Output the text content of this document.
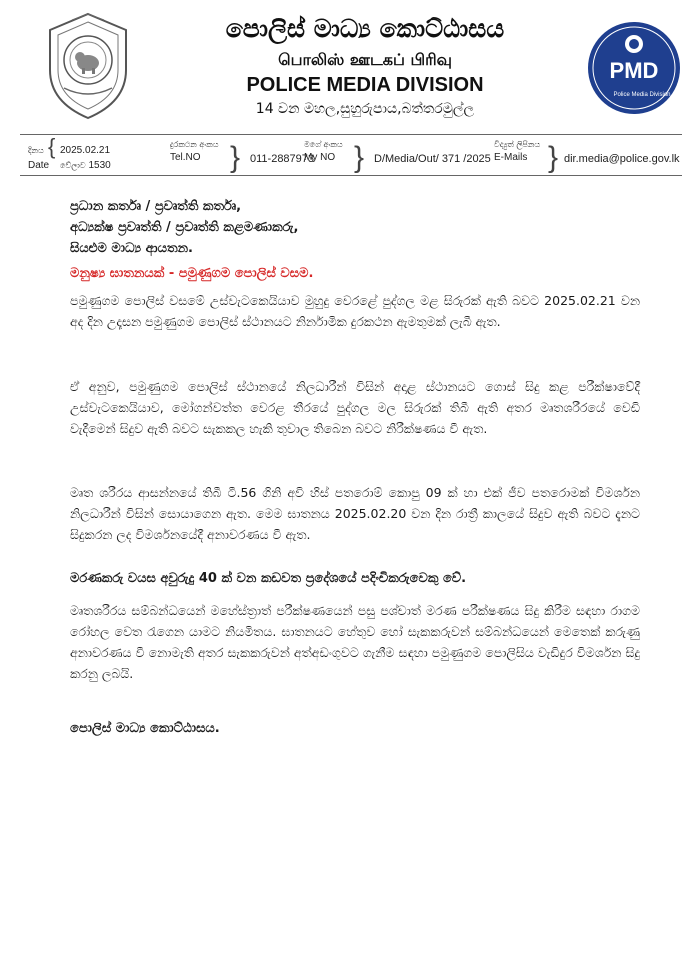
පොලිස් මාධ්‍ය කොට්ඨාසය
பொலிஸ் ஊடகப் பிரிவு
POLICE MEDIA DIVISION
14 වන මහල,සුහුරුපාය,බත්තරමුල්ල
PMD
Police Media Division
දිනය { 2025.02.21
Date වේලාව 1530
දුරකථන අංකය
Tel.NO } 011-2887973
මගේ අංකය
My NO } D/Media/Out/ 371 /2025
විද්‍යුත් ලිපිනය
E-Mails } dir.media@police.gov.lk
ප්‍රධාන කර්තෘ / ප්‍රවෘත්ති කර්තෘ,
අධ්‍යක්ෂ ප්‍රවෘත්ති / ප්‍රවෘත්ති කළමණාකරු,
සියළුම මාධ්‍ය ආයතන.
මනුෂ්‍ය ඝාතනයක් - පමුණුගම පොලිස් වසම.
පමුණුගම පොලිස් වසමේ උස්වැටකෙයියාව මුහුදු වෙරළේ පුද්ගල මළ සිරුරක් ඇති බවට 2025.02.21 වන අද දින උදෑසන පමුණුගම පොලිස් ස්ථානයට නිර්නාමික දුරකථන ඇමතුමක් ලැබී ඇත.
ඒ අනුව, පමුණුගම පොලිස් ස්ථානයේ නිලධාරීන් විසින් අදාළ ස්ථානයට ගොස් සිදු කළ පරීක්ෂාවේදී උස්වැටකෙයියාව, මෝගන්වත්ත වෙරළ තීරයේ පුද්ගල මල සිරුරක් තිබී ඇති අතර මෘතශරීරයේ වෙඩි වැදීමෙන් සිදුව ඇති බවට සැකකල හැකි තුවාල තිබෙන බවට නිරීක්ෂණය වී ඇත.
මෘත ශරීරය ආසන්නයේ තිබී ටී.56 ගිනි අවි හිස් පතරොම් කොපු 09 ක් හා එක් ජීව පතරොමක් විමර්ශන නිලධාරීන් විසින් සොයාගෙන ඇත. මෙම ඝාතනය 2025.02.20 වන දින රාත්‍රී කාලයේ සිදුව ඇති බවට දැනට සිදුකරන ලද විමර්ශනයේදී අනාවරණය වී ඇත.
මරණකරු වයස අවුරුදු 40 ක් වන කඩවත ප්‍රදේශයේ පදිංචිකරුවෙකු වේ.
මෘතශරීරය සම්බන්ධයෙන් මහේස්ත්‍රාත් පරීක්ෂණයෙන් පසු පශ්චාත් මරණ පරීක්ෂණය සිදු කිරීම සඳහා රාගම රෝහල වෙත රැගෙන යාමට නියමිතය. ඝාතනයට හේතුව හෝ සැකකරුවන් සම්බන්ධයෙන් මෙතෙක් කරුණු අනාවරණය වී නොමැති අතර සැකකරුවන් අත්අඩංගුවට ගැනීම සඳහා පමුණුගම පොලිසිය වැඩිදුර විමර්ශන සිදු කරනු ලබයි.
පොලිස් මාධ්‍ය කොට්ඨාසය.
